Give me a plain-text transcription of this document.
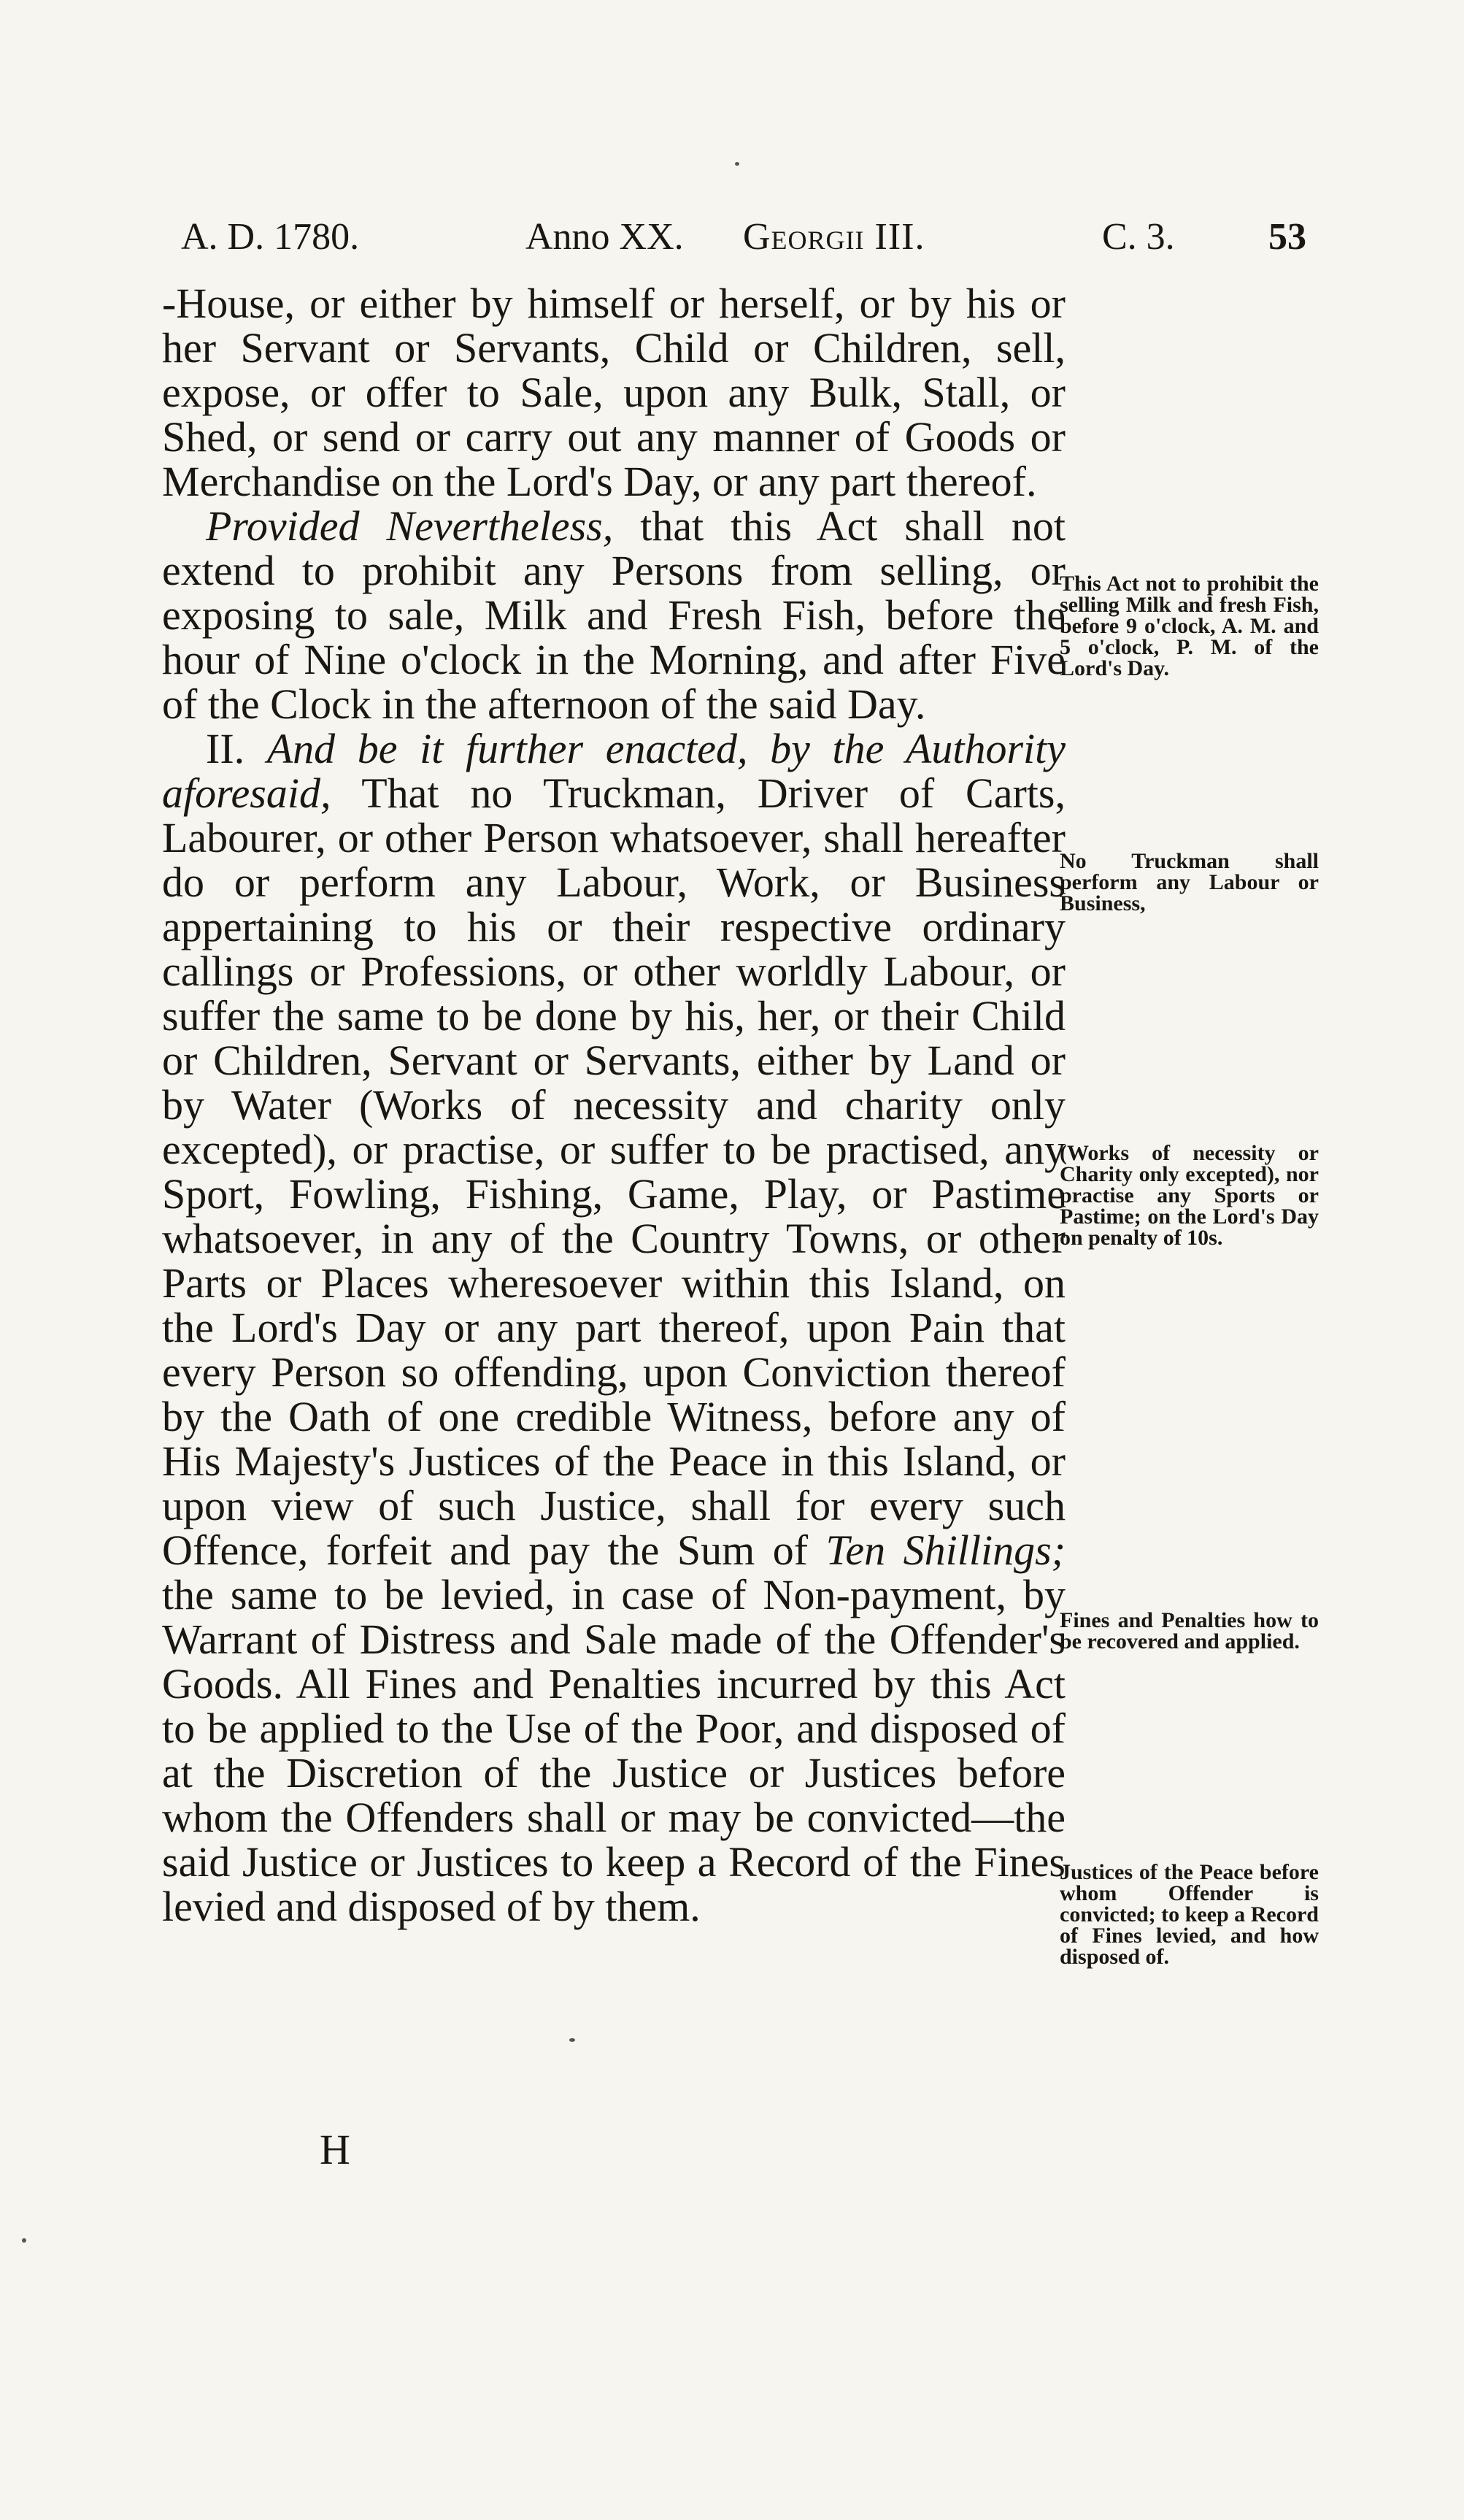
A. D. 1780.	Anno XX. Georgii III.	C. 3. 53

-House, or either by himself or herself, or by his or her Servant or Servants, Child or Children, sell, expose, or offer to Sale, upon any Bulk, Stall, or Shed, or send or carry out any manner of Goods or Merchandise on the Lord's Day, or any part thereof.

Provided Nevertheless, that this Act shall not extend to prohibit any Persons from selling, or exposing to sale, Milk and Fresh Fish, before the hour of Nine o'clock in the Morning, and after Five of the Clock in the afternoon of the said Day.

II. And be it further enacted, by the Authority aforesaid, That no Truckman, Driver of Carts, Labourer, or other Person whatsoever, shall hereafter do or perform any Labour, Work, or Business appertaining to his or their respective ordinary callings or Professions, or other worldly Labour, or suffer the same to be done by his, her, or their Child or Children, Servant or Servants, either by Land or by Water (Works of necessity and charity only excepted), or practise, or suffer to be practised, any Sport, Fowling, Fishing, Game, Play, or Pastime whatsoever, in any of the Country Towns, or other Parts or Places wheresoever within this Island, on the Lord's Day or any part thereof, upon Pain that every Person so offending, upon Conviction thereof by the Oath of one credible Witness, before any of His Majesty's Justices of the Peace in this Island, or upon view of such Justice, shall for every such Offence, forfeit and pay the Sum of Ten Shillings; the same to be levied, in case of Non-payment, by Warrant of Distress and Sale made of the Offender's Goods. All Fines and Penalties incurred by this Act to be applied to the Use of the Poor, and disposed of at the Discretion of the Justice or Justices before whom the Offenders shall or may be convicted—the said Justice or Justices to keep a Record of the Fines levied and disposed of by them.

This Act not to prohibit the selling Milk and fresh Fish, before 9 o'clock, A. M. and 5 o'clock, P. M. of the Lord's Day.
No Truckman shall perform any Labour or Business,
(Works of necessity or Charity only excepted), nor practise any Sports or Pastime; on the Lord's Day on penalty of 10s.
Fines and Penalties how to be recovered and applied.
Justices of the Peace before whom Offender is convicted; to keep a Record of Fines levied, and how disposed of.
H
